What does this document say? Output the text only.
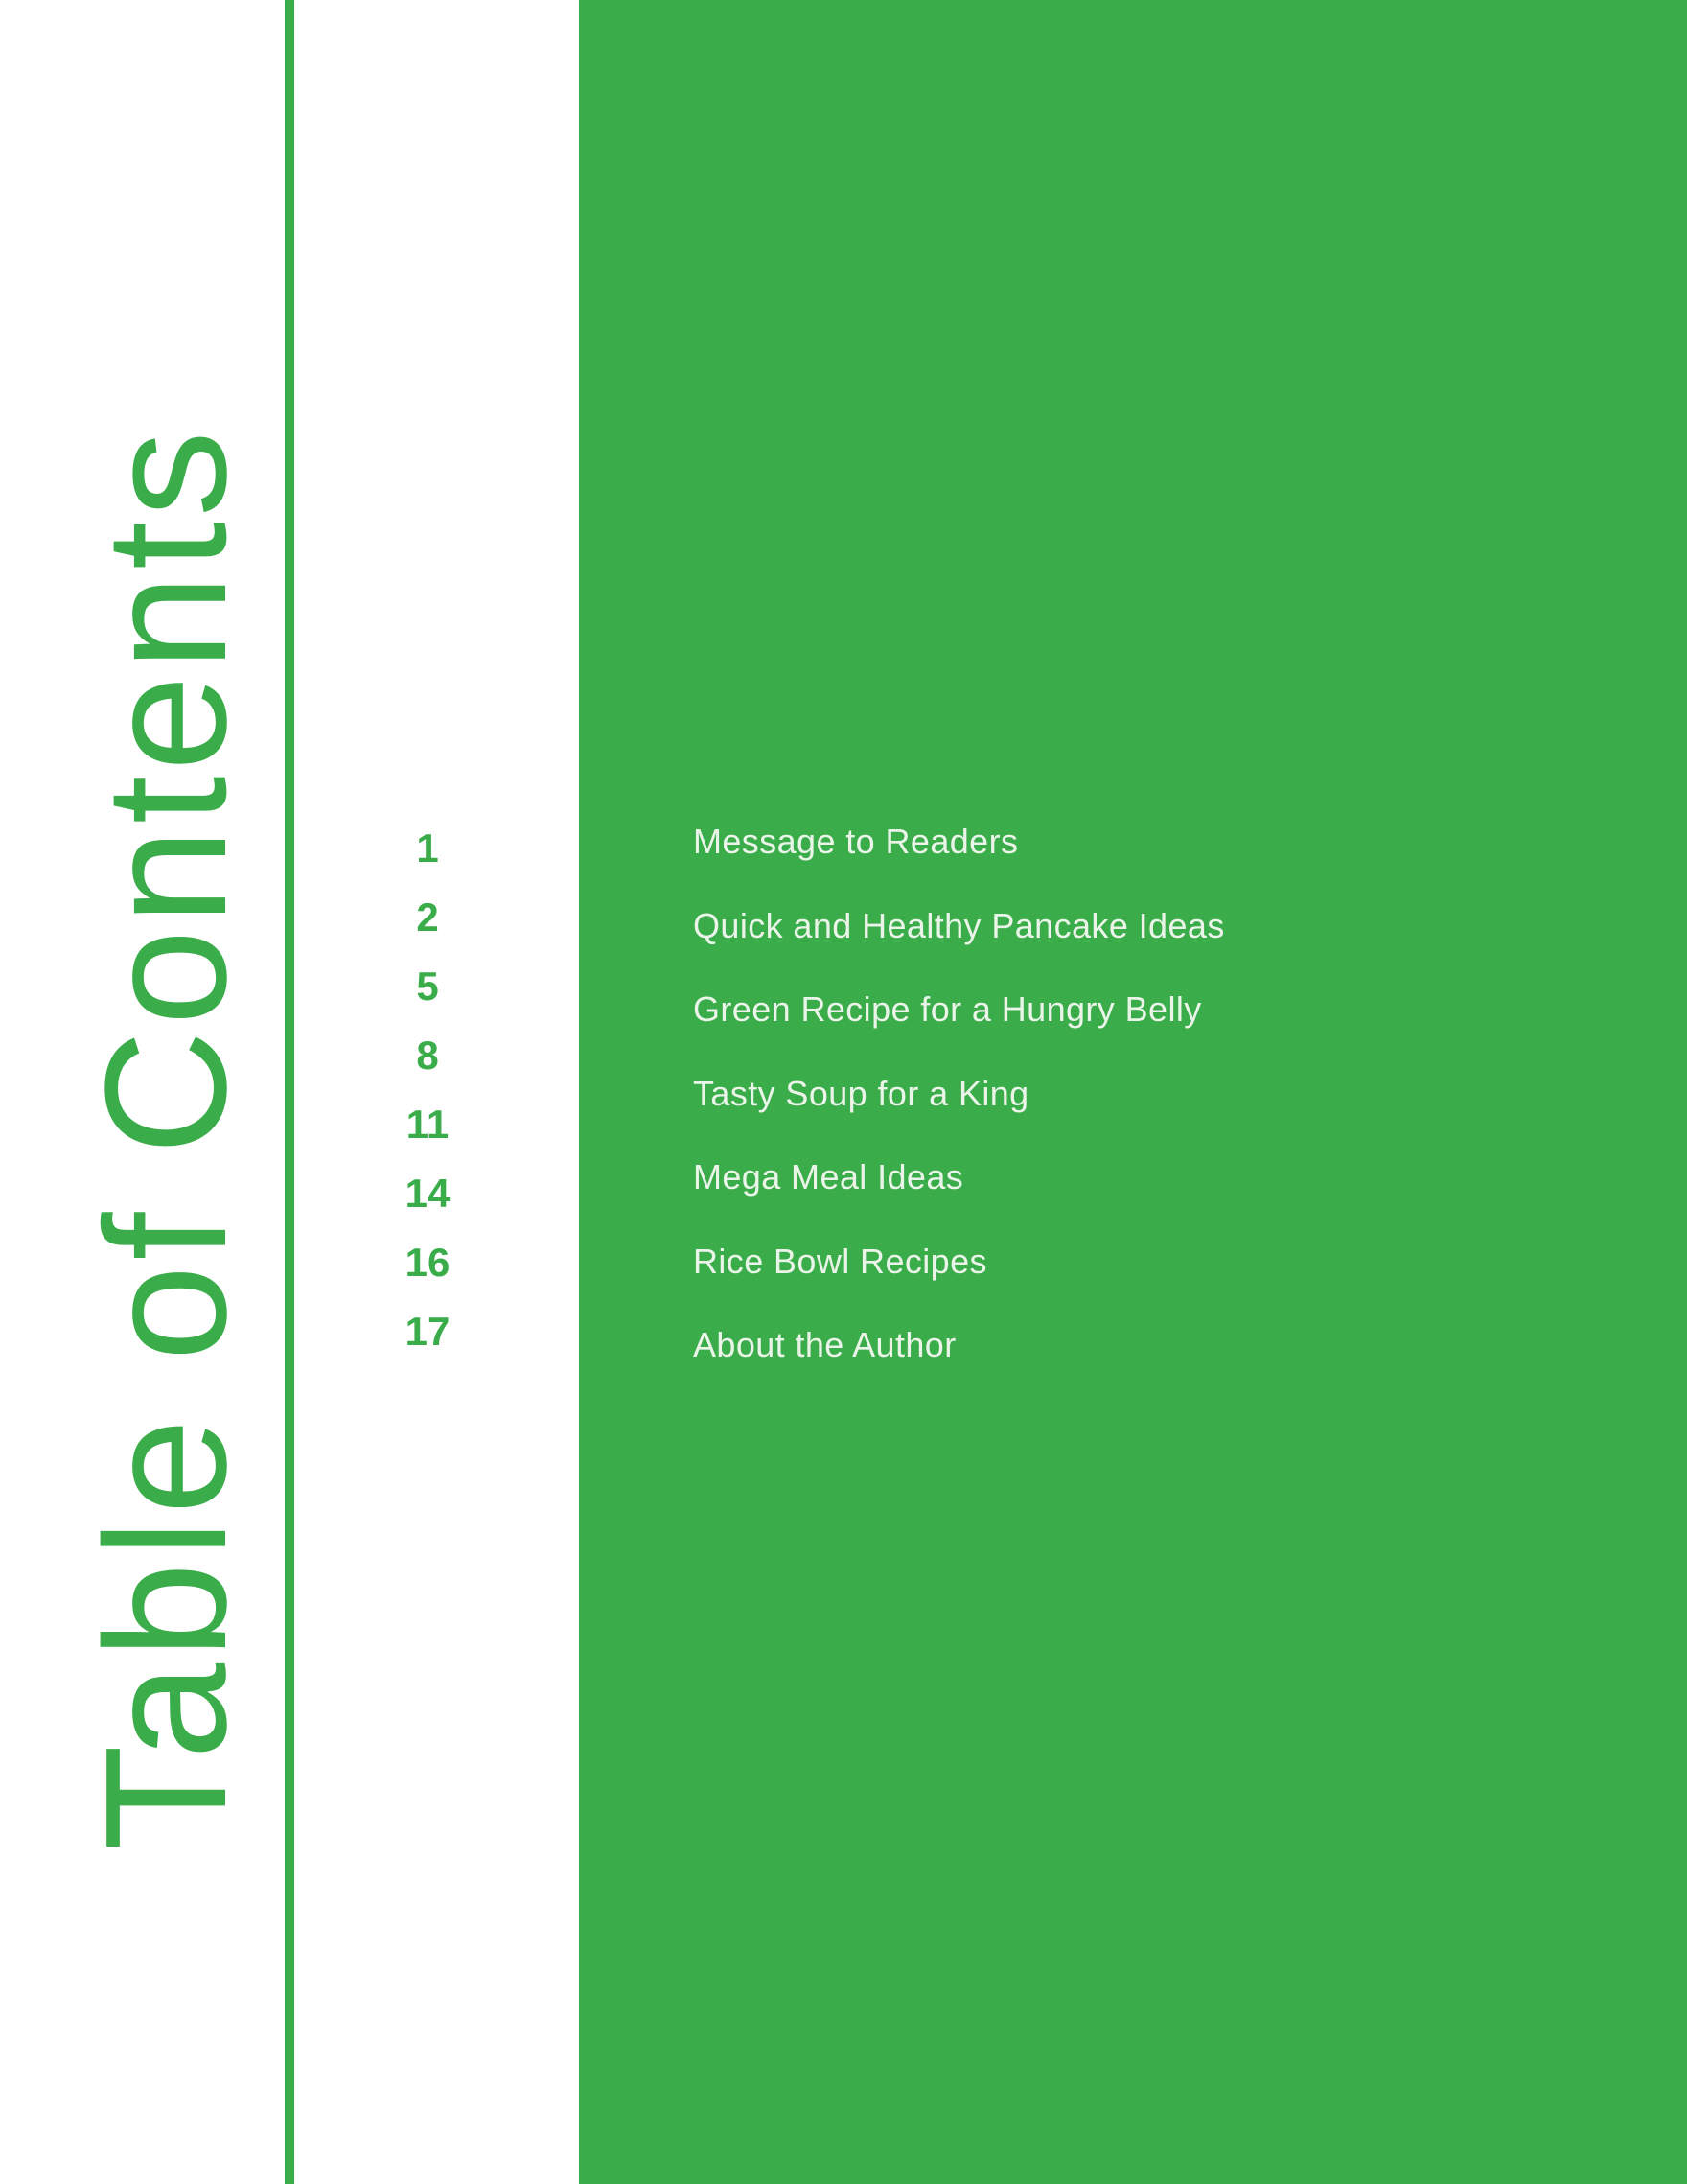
Table of Contents	1
2
5
8
11
14
16
17
Message to Readers
Quick and Healthy Pancake Ideas
Green Recipe for a Hungry Belly
Tasty Soup for a King
Mega Meal Ideas
Rice Bowl Recipes
About the Author
